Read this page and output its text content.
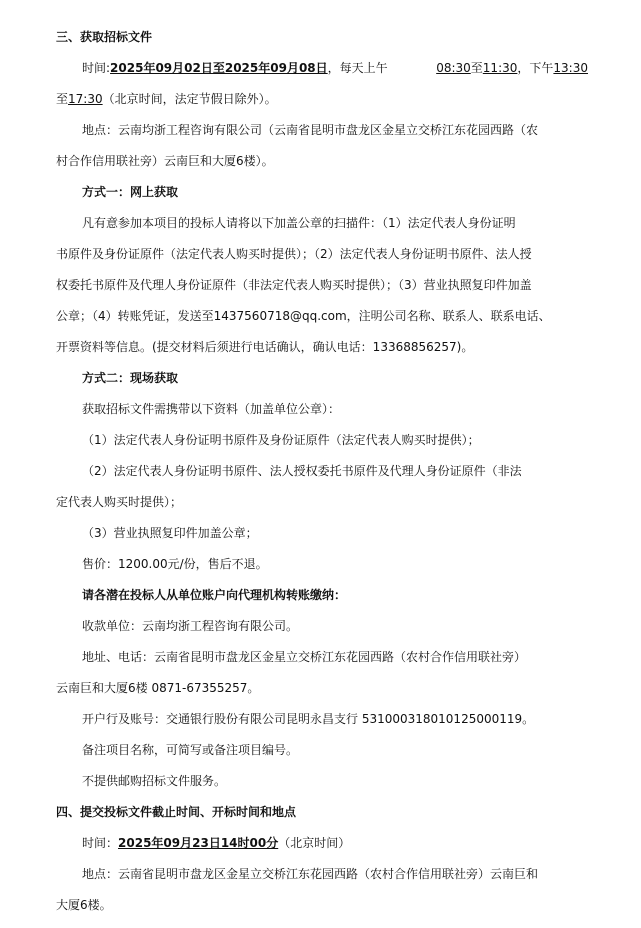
三、获取招标文件
时间:2025年09月02日至2025年09月08日，每天上午	08:30至11:30，下午13:30
至17:30（北京时间，法定节假日除外）。
地点：云南均浙工程咨询有限公司（云南省昆明市盘龙区金星立交桥江东花园西路（农
村合作信用联社旁）云南巨和大厦6楼）。
方式一：网上获取
凡有意参加本项目的投标人请将以下加盖公章的扫描件：（1）法定代表人身份证明
书原件及身份证原件（法定代表人购买时提供）；（2）法定代表人身份证明书原件、法人授
权委托书原件及代理人身份证原件（非法定代表人购买时提供）；（3）营业执照复印件加盖
公章；（4）转账凭证，发送至1437560718@qq.com，注明公司名称、联系人、联系电话、
开票资料等信息。(提交材料后须进行电话确认，确认电话：13368856257)。
方式二：现场获取
获取招标文件需携带以下资料（加盖单位公章）：
（1）法定代表人身份证明书原件及身份证原件（法定代表人购买时提供）；
（2）法定代表人身份证明书原件、法人授权委托书原件及代理人身份证原件（非法
定代表人购买时提供）；
（3）营业执照复印件加盖公章；
售价：1200.00元/份，售后不退。
请各潜在投标人从单位账户向代理机构转账缴纳：
收款单位：云南均浙工程咨询有限公司。
地址、电话：云南省昆明市盘龙区金星立交桥江东花园西路（农村合作信用联社旁）
云南巨和大厦6楼 0871-67355257。
开户行及账号：交通银行股份有限公司昆明永昌支行 531000318010125000119。
备注项目名称，可简写或备注项目编号。
不提供邮购招标文件服务。
四、提交投标文件截止时间、开标时间和地点
时间：2025年09月23日14时00分（北京时间）
地点：云南省昆明市盘龙区金星立交桥江东花园西路（农村合作信用联社旁）云南巨和
大厦6楼。
